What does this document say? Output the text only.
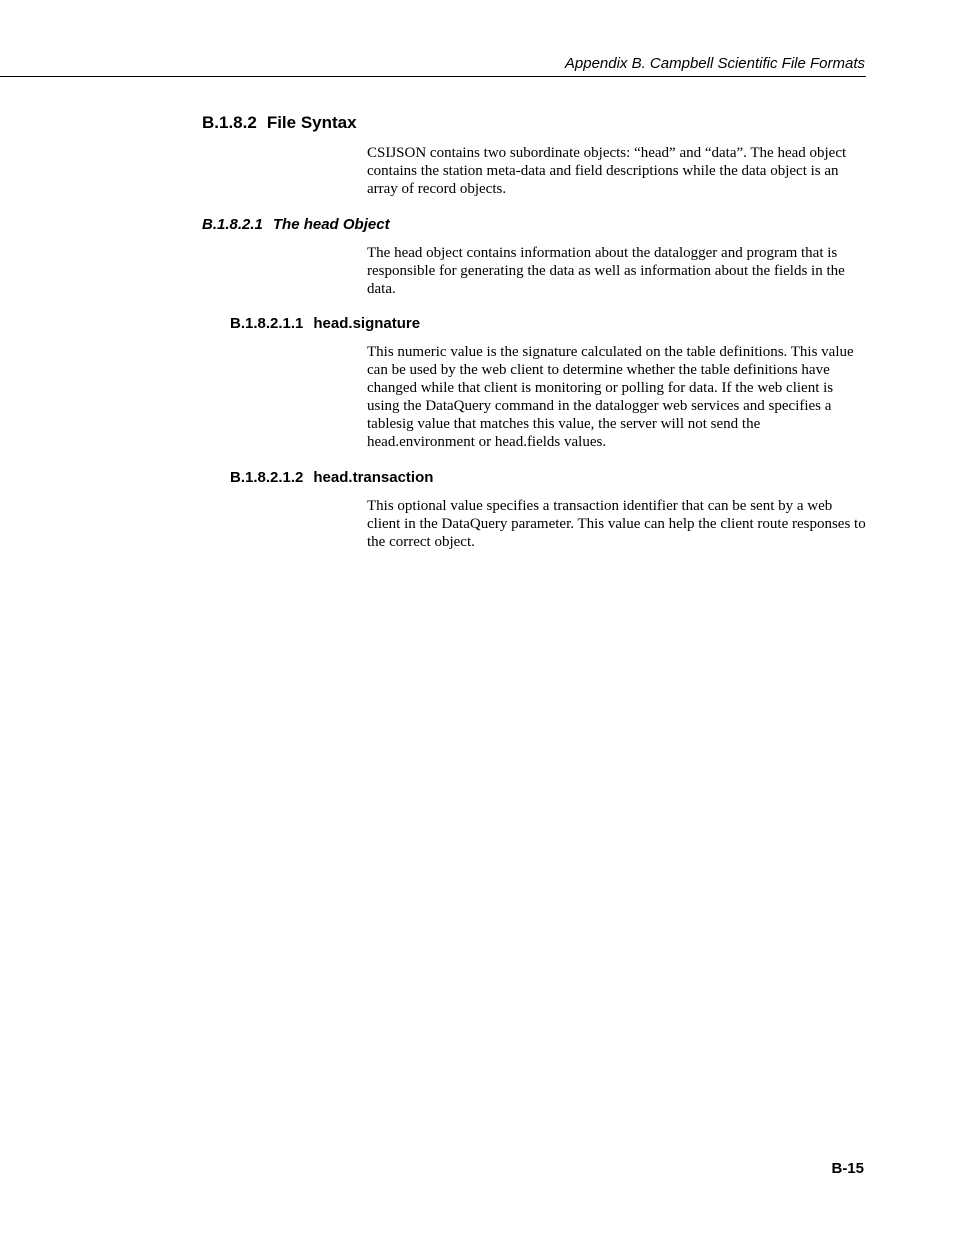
Appendix B. Campbell Scientific File Formats
B.1.8.2 File Syntax

CSIJSON contains two subordinate objects: “head” and “data”. The head object contains the station meta-data and field descriptions while the data object is an array of record objects.

B.1.8.2.1 The head Object

The head object contains information about the datalogger and program that is responsible for generating the data as well as information about the fields in the data.

B.1.8.2.1.1 head.signature

This numeric value is the signature calculated on the table definitions. This value can be used by the web client to determine whether the table definitions have changed while that client is monitoring or polling for data. If the web client is using the DataQuery command in the datalogger web services and specifies a tablesig value that matches this value, the server will not send the head.environment or head.fields values.

B.1.8.2.1.2 head.transaction

This optional value specifies a transaction identifier that can be sent by a web client in the DataQuery parameter. This value can help the client route responses to the correct object.

B-15
